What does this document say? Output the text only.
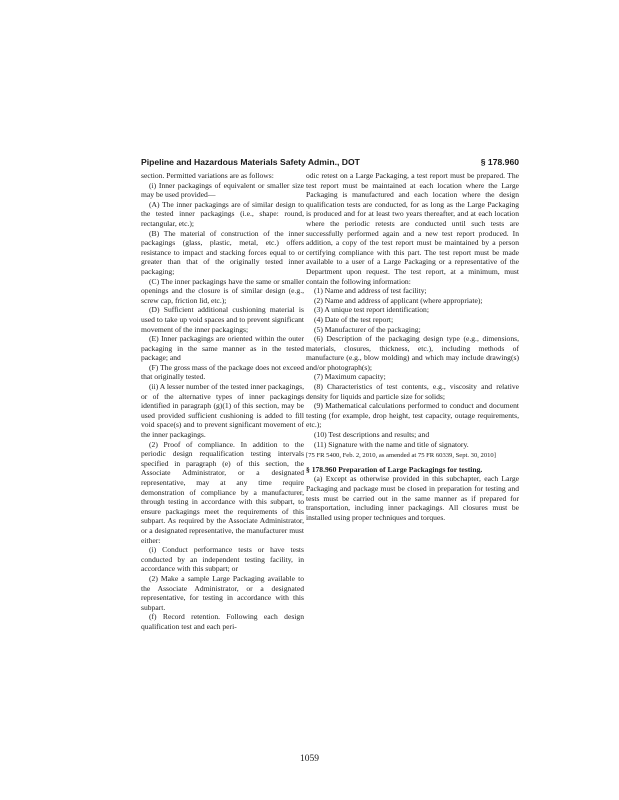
Pipeline and Hazardous Materials Safety Admin., DOT	§ 178.960

section. Permitted variations are as follows:

(i) Inner packagings of equivalent or smaller size may be used provided—

(A) The inner packagings are of similar design to the tested inner packagings (i.e., shape: round, rectangular, etc.);

(B) The material of construction of the inner packagings (glass, plastic, metal, etc.) offers resistance to impact and stacking forces equal to or greater than that of the originally tested inner packaging;

(C) The inner packagings have the same or smaller openings and the closure is of similar design (e.g., screw cap, friction lid, etc.);

(D) Sufficient additional cushioning material is used to take up void spaces and to prevent significant movement of the inner packagings;

(E) Inner packagings are oriented within the outer packaging in the same manner as in the tested package; and

(F) The gross mass of the package does not exceed that originally tested.

(ii) A lesser number of the tested inner packagings, or of the alternative types of inner packagings identified in paragraph (g)(1) of this section, may be used provided sufficient cushioning is added to fill void space(s) and to prevent significant movement of the inner packagings.

(2) Proof of compliance. In addition to the periodic design requalification testing intervals specified in paragraph (e) of this section, the Associate Administrator, or a designated representative, may at any time require demonstration of compliance by a manufacturer, through testing in accordance with this subpart, to ensure packagings meet the requirements of this subpart. As required by the Associate Administrator, or a designated representative, the manufacturer must either:

(i) Conduct performance tests or have tests conducted by an independent testing facility, in accordance with this subpart; or

(2) Make a sample Large Packaging available to the Associate Administrator, or a designated representative, for testing in accordance with this subpart.

(f) Record retention. Following each design qualification test and each peri-

odic retest on a Large Packaging, a test report must be prepared. The test report must be maintained at each location where the Large Packaging is manufactured and each location where the design qualification tests are conducted, for as long as the Large Packaging is produced and for at least two years thereafter, and at each location where the periodic retests are conducted until such tests are successfully performed again and a new test report produced. In addition, a copy of the test report must be maintained by a person certifying compliance with this part. The test report must be made available to a user of a Large Packaging or a representative of the Department upon request. The test report, at a minimum, must contain the following information:

(1) Name and address of test facility;

(2) Name and address of applicant (where appropriate);

(3) A unique test report identification;

(4) Date of the test report;

(5) Manufacturer of the packaging;

(6) Description of the packaging design type (e.g., dimensions, materials, closures, thickness, etc.), including methods of manufacture (e.g., blow molding) and which may include drawing(s) and/or photograph(s);

(7) Maximum capacity;

(8) Characteristics of test contents, e.g., viscosity and relative density for liquids and particle size for solids;

(9) Mathematical calculations performed to conduct and document testing (for example, drop height, test capacity, outage requirements, etc.);

(10) Test descriptions and results; and

(11) Signature with the name and title of signatory.

[75 FR 5400, Feb. 2, 2010, as amended at 75 FR 60339, Sept. 30, 2010]

§ 178.960 Preparation of Large Packagings for testing.

(a) Except as otherwise provided in this subchapter, each Large Packaging and package must be closed in preparation for testing and tests must be carried out in the same manner as if prepared for transportation, including inner packagings. All closures must be installed using proper techniques and torques.

1059
